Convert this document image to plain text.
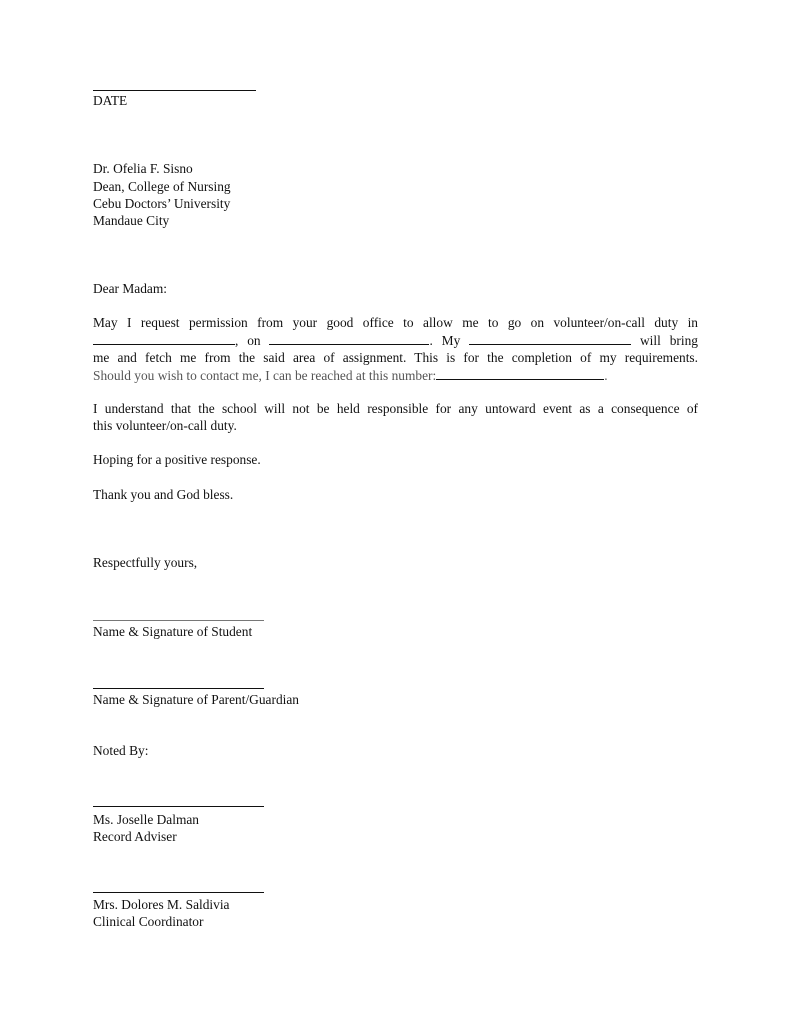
DATE
Dr. Ofelia F. Sisno
Dean, College of Nursing
Cebu Doctors’ University
Mandaue City
Dear Madam:
May I request permission from your good office to allow me to go on volunteer/on-call duty in
, on	. My	will bring
me and fetch me from the said area of assignment. This is for the completion of my requirements.
Should you wish to contact me, I can be reached at this number:	.
I understand that the school will not be held responsible for any untoward event as a consequence of
this volunteer/on-call duty.
Hoping for a positive response.
Thank you and God bless.
Respectfully yours,
Name & Signature of Student
Name & Signature of Parent/Guardian
Noted By:
Ms. Joselle Dalman
Record Adviser
Mrs. Dolores M. Saldivia
Clinical Coordinator
